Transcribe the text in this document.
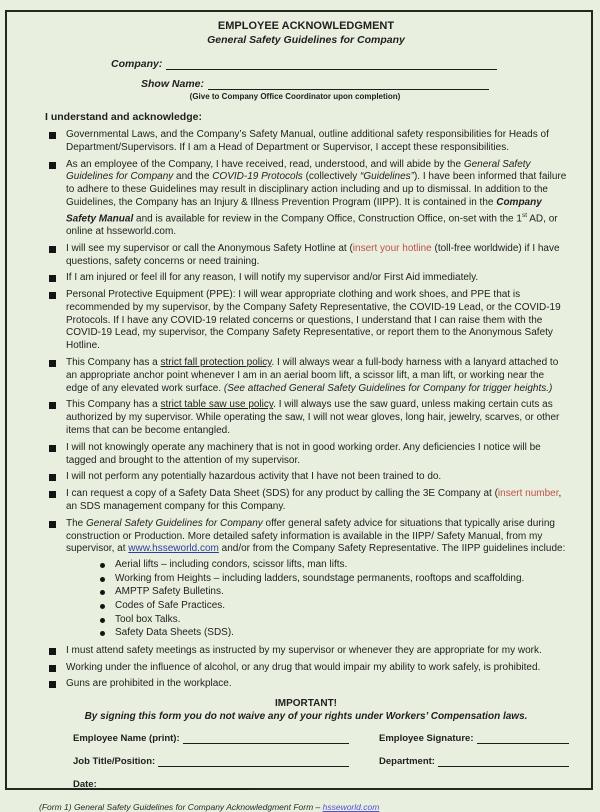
EMPLOYEE ACKNOWLEDGMENT
General Safety Guidelines for Company
Company:
Show Name:
(Give to Company Office Coordinator upon completion)
I understand and acknowledge:
Governmental Laws, and the Company’s Safety Manual, outline additional safety responsibilities for Heads of Department/Supervisors. If I am a Head of Department or Supervisor, I accept these responsibilities.
As an employee of the Company, I have received, read, understood, and will abide by the General Safety Guidelines for Company and the COVID-19 Protocols (collectively “Guidelines”). I have been informed that failure to adhere to these Guidelines may result in disciplinary action including and up to dismissal. In addition to the Guidelines, the Company has an Injury & Illness Prevention Program (IIPP). It is contained in the Company Safety Manual and is available for review in the Company Office, Construction Office, on-set with the 1st AD, or online at hsseworld.com.
I will see my supervisor or call the Anonymous Safety Hotline at (insert your hotline (toll-free worldwide) if I have questions, safety concerns or need training.
If I am injured or feel ill for any reason, I will notify my supervisor and/or First Aid immediately.
Personal Protective Equipment (PPE): I will wear appropriate clothing and work shoes, and PPE that is recommended by my supervisor, by the Company Safety Representative, the COVID-19 Lead, or the COVID-19 Protocols. If I have any COVID-19 related concerns or questions, I understand that I can raise them with the COVID-19 Lead, my supervisor, the Company Safety Representative, or report them to the Anonymous Safety Hotline.
This Company has a strict fall protection policy. I will always wear a full-body harness with a lanyard attached to an appropriate anchor point whenever I am in an aerial boom lift, a scissor lift, a man lift, or working near the edge of any elevated work surface. (See attached General Safety Guidelines for Company for trigger heights.)
This Company has a strict table saw use policy. I will always use the saw guard, unless making certain cuts as authorized by my supervisor. While operating the saw, I will not wear gloves, long hair, jewelry, scarves, or other items that can be become entangled.
I will not knowingly operate any machinery that is not in good working order. Any deficiencies I notice will be tagged and brought to the attention of my supervisor.
I will not perform any potentially hazardous activity that I have not been trained to do.
I can request a copy of a Safety Data Sheet (SDS) for any product by calling the 3E Company at (insert number, an SDS management company for this Company.
The General Safety Guidelines for Company offer general safety advice for situations that typically arise during construction or Production. More detailed safety information is available in the IIPP/ Safety Manual, from my supervisor, at www.hsseworld.com and/or from the Company Safety Representative. The IIPP guidelines include:
Aerial lifts – including condors, scissor lifts, man lifts.
Working from Heights – including ladders, soundstage permanents, rooftops and scaffolding.
AMPTP Safety Bulletins.
Codes of Safe Practices.
Tool box Talks.
Safety Data Sheets (SDS).
I must attend safety meetings as instructed by my supervisor or whenever they are appropriate for my work.
Working under the influence of alcohol, or any drug that would impair my ability to work safely, is prohibited.
Guns are prohibited in the workplace.
IMPORTANT!
By signing this form you do not waive any of your rights under Workers’ Compensation laws.
Employee Name (print):	Employee Signature:
Job Title/Position:	Department:
Date:
(Form 1) General Safety Guidelines for Company Acknowledgment Form – hsseworld.com
